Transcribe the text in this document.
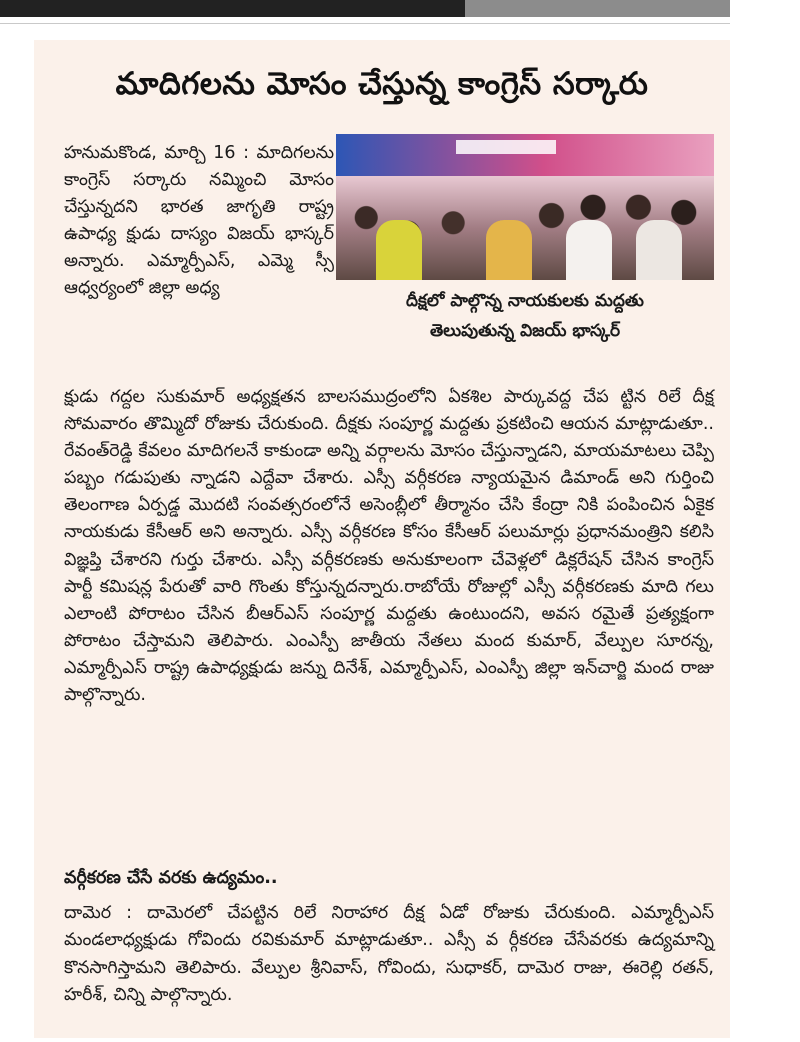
మాదిగలను మోసం చేస్తున్న కాంగ్రెస్ సర్కారు

హనుమకొండ, మార్చి 16 : మాదిగలను కాంగ్రెస్ సర్కారు నమ్మించి మోసం చేస్తున్నదని భారత జాగృతి రాష్ట్ర ఉపాధ్య క్షుడు దాస్యం విజయ్ భాస్కర్ అన్నారు. ఎమ్మార్పీఎస్, ఎమ్మె స్సీ ఆధ్వర్యంలో జిల్లా అధ్య

దీక్షలో పాల్గొన్న నాయకులకు మద్దతు
తెలుపుతున్న విజయ్ భాస్కర్

క్షుడు గద్దల సుకుమార్ అధ్యక్షతన బాలసముద్రంలోని ఏకశిల పార్కువద్ద చేప ట్టిన రిలే దీక్ష సోమవారం తొమ్మిదో రోజుకు చేరుకుంది. దీక్షకు సంపూర్ణ మద్దతు ప్రకటించి ఆయన మాట్లాడుతూ.. రేవంత్‌రెడ్డి కేవలం మాదిగలనే కాకుండా అన్ని వర్గాలను మోసం చేస్తున్నాడని, మాయమాటలు చెప్పి పబ్బం గడుపుతు న్నాడని ఎద్దేవా చేశారు. ఎస్సీ వర్గీకరణ న్యాయమైన డిమాండ్ అని గుర్తించి తెలంగాణ ఏర్పడ్డ మొదటి సంవత్సరంలోనే అసెంబ్లీలో తీర్మానం చేసి కేంద్రా నికి పంపించిన ఏకైక నాయకుడు కేసీఆర్ అని అన్నారు. ఎస్సీ వర్గీకరణ కోసం కేసీఆర్ పలుమార్లు ప్రధానమంత్రిని కలిసి విజ్ఞప్తి చేశారని గుర్తు చేశారు. ఎస్సీ వర్గీకరణకు అనుకూలంగా చేవెళ్లలో డిక్లరేషన్ చేసిన కాంగ్రెస్ పార్టీ కమిషన్ల పేరుతో వారి గొంతు కోస్తున్నదన్నారు.రాబోయే రోజుల్లో ఎస్సీ వర్గీకరణకు మాది గలు ఎలాంటి పోరాటం చేసిన బీఆర్ఎస్ సంపూర్ణ మద్దతు ఉంటుందని, అవస రమైతే ప్రత్యక్షంగా పోరాటం చేస్తామని తెలిపారు. ఎంఎస్పీ జాతీయ నేతలు మంద కుమార్, వేల్పుల సూరన్న, ఎమ్మార్పీఎస్ రాష్ట్ర ఉపాధ్యక్షుడు జన్ను దినేశ్, ఎమ్మార్పీఎస్, ఎంఎస్పీ జిల్లా ఇన్‌చార్జి మంద రాజు పాల్గొన్నారు.

వర్గీకరణ చేసే వరకు ఉద్యమం..

దామెర : దామెరలో చేపట్టిన రిలే నిరాహార దీక్ష ఏడో రోజుకు చేరుకుంది. ఎమ్మార్పీఎస్ మండలాధ్యక్షుడు గోవిందు రవికుమార్ మాట్లాడుతూ.. ఎస్సీ వ ర్గీకరణ చేసేవరకు ఉద్యమాన్ని కొనసాగిస్తామని తెలిపారు. వేల్పుల శ్రీనివాస్, గోవిందు, సుధాకర్, దామెర రాజు, ఈరెల్లి రతన్, హరీశ్, చిన్ని పాల్గొన్నారు.
